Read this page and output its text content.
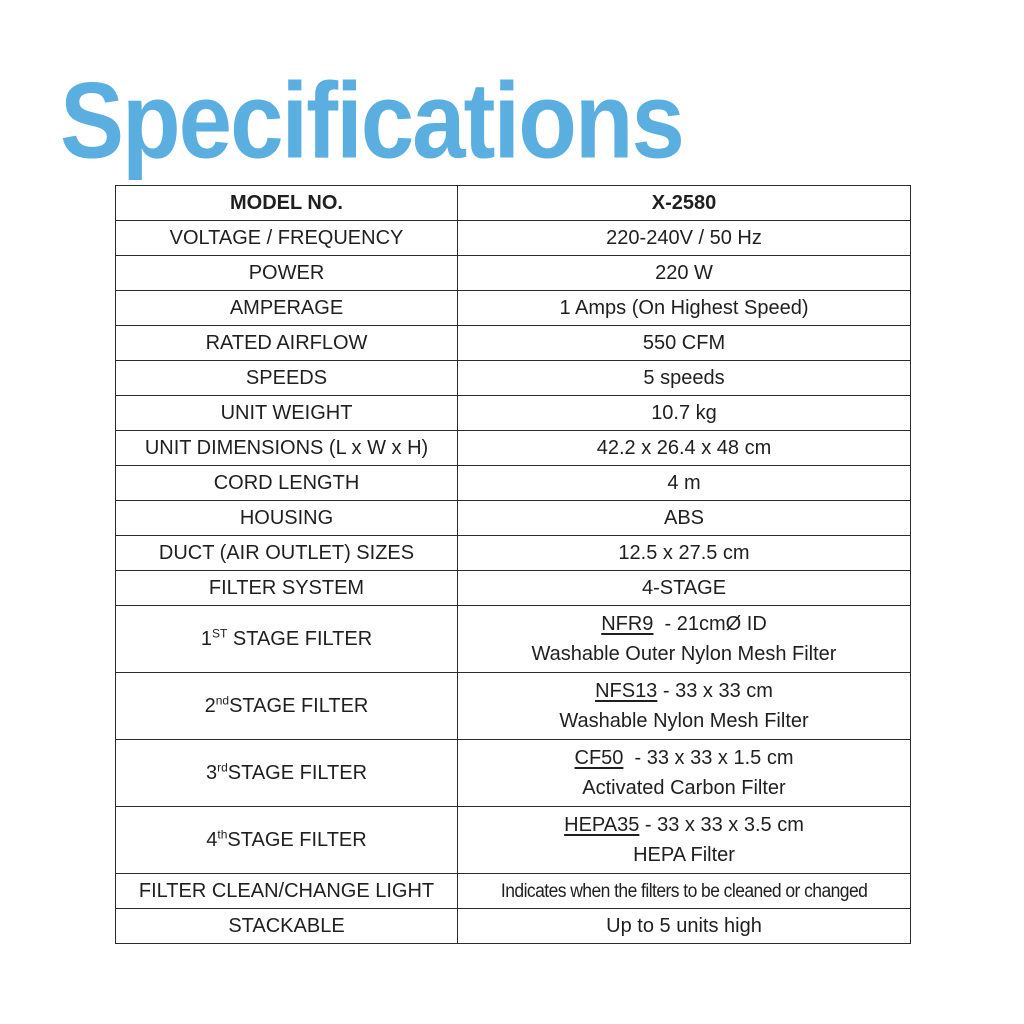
Specifications
MODEL NO.	X-2580
VOLTAGE / FREQUENCY	220-240V / 50 Hz
POWER	220 W
AMPERAGE	1 Amps (On Highest Speed)
RATED AIRFLOW	550 CFM
SPEEDS	5 speeds
UNIT WEIGHT	10.7 kg
UNIT DIMENSIONS (L x W x H)	42.2 x 26.4 x 48 cm
CORD LENGTH	4 m
HOUSING	ABS
DUCT (AIR OUTLET) SIZES	12.5 x 27.5 cm
FILTER SYSTEM	4-STAGE
1ST STAGE FILTER	NFR9  - 21cmØ ID
Washable Outer Nylon Mesh Filter

2ndSTAGE FILTER	NFS13 - 33 x 33 cm
Washable Nylon Mesh Filter

3rdSTAGE FILTER	CF50  - 33 x 33 x 1.5 cm
Activated Carbon Filter

4thSTAGE FILTER	HEPA35 - 33 x 33 x 3.5 cm
HEPA Filter

FILTER CLEAN/CHANGE LIGHT	Indicates when the filters to be cleaned or changed
STACKABLE	Up to 5 units high
